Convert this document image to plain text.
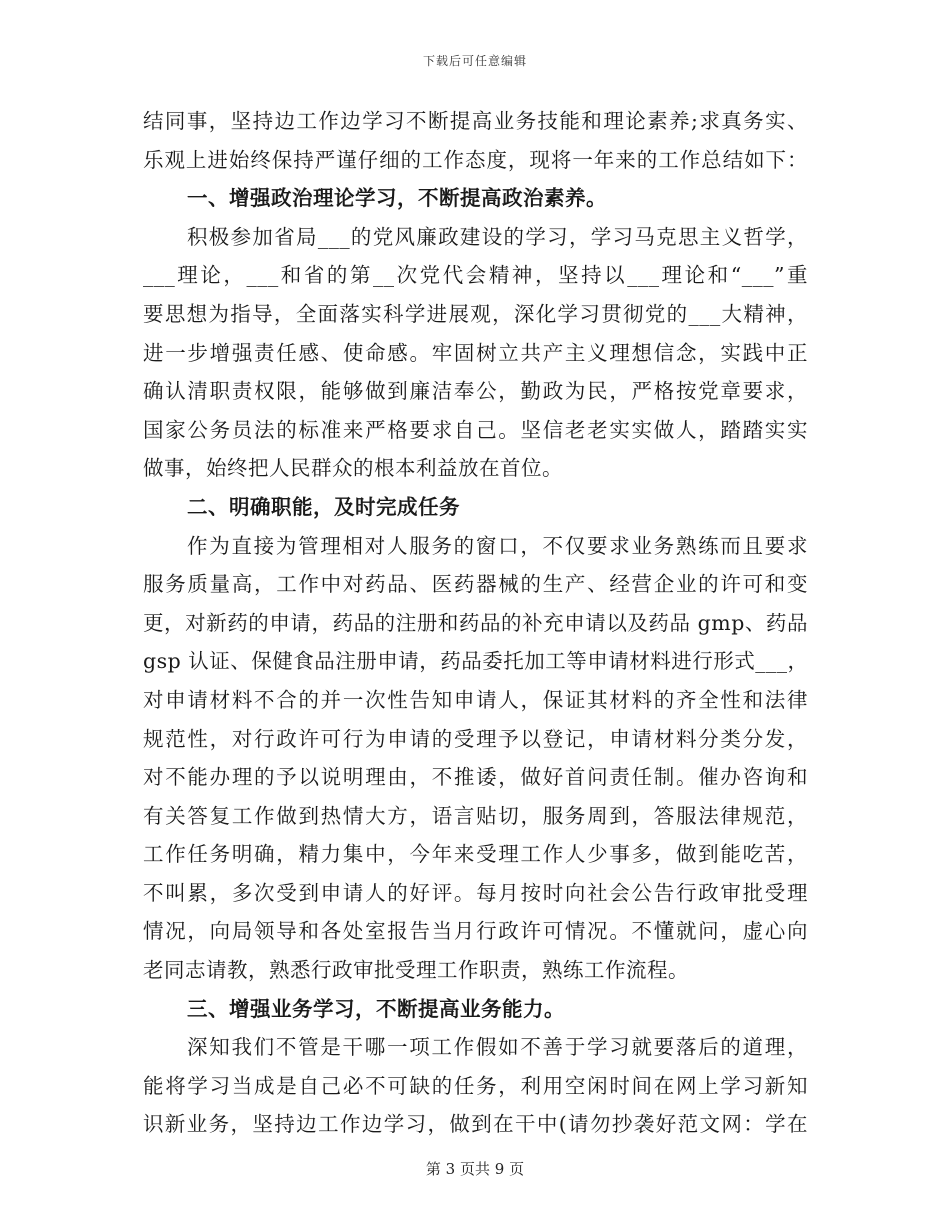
下载后可任意编辑
结同事，坚持边工作边学习不断提高业务技能和理论素养;求真务实、
乐观上进始终保持严谨仔细的工作态度，现将一年来的工作总结如下：
一、增强政治理论学习，不断提高政治素养。
积极参加省局___的党风廉政建设的学习，学习马克思主义哲学，
___理论，___和省的第__次党代会精神，坚持以___理论和“___”重
要思想为指导，全面落实科学进展观，深化学习贯彻党的___大精神，
进一步增强责任感、使命感。牢固树立共产主义理想信念，实践中正
确认清职责权限，能够做到廉洁奉公，勤政为民，严格按党章要求，
国家公务员法的标准来严格要求自己。坚信老老实实做人，踏踏实实
做事，始终把人民群众的根本利益放在首位。
二、明确职能，及时完成任务
作为直接为管理相对人服务的窗口，不仅要求业务熟练而且要求
服务质量高，工作中对药品、医药器械的生产、经营企业的许可和变
更，对新药的申请，药品的注册和药品的补充申请以及药品 gmp、药品
gsp 认证、保健食品注册申请，药品委托加工等申请材料进行形式___，
对申请材料不合的并一次性告知申请人，保证其材料的齐全性和法律
规范性，对行政许可行为申请的受理予以登记，申请材料分类分发，
对不能办理的予以说明理由，不推诿，做好首问责任制。催办咨询和
有关答复工作做到热情大方，语言贴切，服务周到，答服法律规范，
工作任务明确，精力集中，今年来受理工作人少事多，做到能吃苦，
不叫累，多次受到申请人的好评。每月按时向社会公告行政审批受理
情况，向局领导和各处室报告当月行政许可情况。不懂就问，虚心向
老同志请教，熟悉行政审批受理工作职责，熟练工作流程。
三、增强业务学习，不断提高业务能力。
深知我们不管是干哪一项工作假如不善于学习就要落后的道理，
能将学习当成是自己必不可缺的任务，利用空闲时间在网上学习新知
识新业务，坚持边工作边学习，做到在干中(请勿抄袭好范文网：学在
第 3 页共 9 页
